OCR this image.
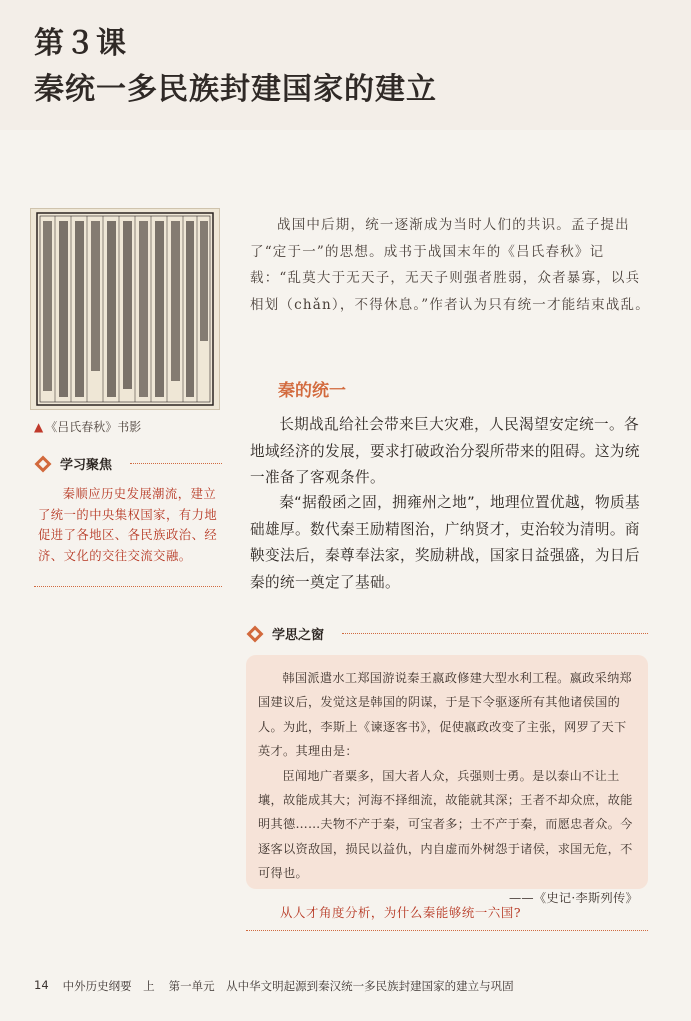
第３课
秦统一多民族封建国家的建立
▲ 《吕氏春秋》书影
学习聚焦
秦顺应历史发展潮流，建立了统一的中央集权国家，有力地促进了各地区、各民族政治、经济、文化的交往交流交融。
战国中后期，统一逐渐成为当时人们的共识。孟子提出了“定于一”的思想。成书于战国末年的《吕氏春秋》记载：“乱莫大于无天子，无天子则强者胜弱，众者暴寡，以兵相划（chǎn），不得休息。”作者认为只有统一才能结束战乱。
秦的统一

长期战乱给社会带来巨大灾难，人民渴望安定统一。各地域经济的发展，要求打破政治分裂所带来的阻碍。这为统一准备了客观条件。

秦“据殽函之固，拥雍州之地”，地理位置优越，物质基础雄厚。数代秦王励精图治，广纳贤才，吏治较为清明。商鞅变法后，秦尊奉法家，奖励耕战，国家日益强盛，为日后秦的统一奠定了基础。

学思之窗

韩国派遣水工郑国游说秦王嬴政修建大型水利工程。嬴政采纳郑国建议后，发觉这是韩国的阴谋，于是下令驱逐所有其他诸侯国的人。为此，李斯上《谏逐客书》，促使嬴政改变了主张，网罗了天下英才。其理由是：

臣闻地广者粟多，国大者人众，兵强则士勇。是以泰山不让土壤，故能成其大；河海不择细流，故能就其深；王者不却众庶，故能明其德……夫物不产于秦，可宝者多；士不产于秦，而愿忠者众。今逐客以资敌国，损民以益仇，内自虚而外树怨于诸侯，求国无危，不可得也。

——《史记·李斯列传》

从人才角度分析，为什么秦能够统一六国?
14 中外历史纲要　上 第一单元　从中华文明起源到秦汉统一多民族封建国家的建立与巩固
